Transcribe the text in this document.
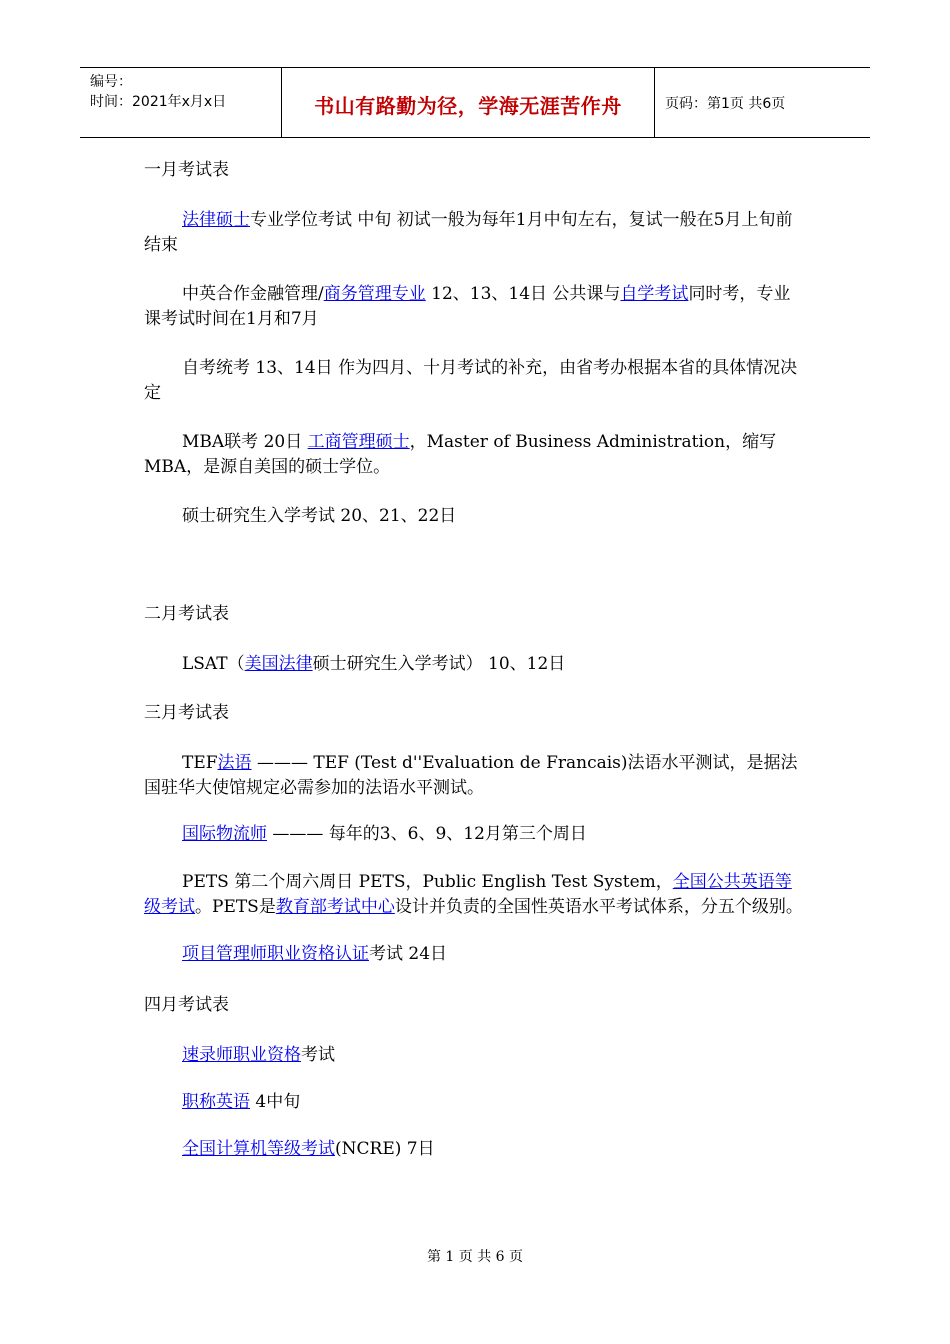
编号：
时间：2021年x月x日	书山有路勤为径，学海无涯苦作舟	页码：第1页 共6页

一月考试表

法律硕士专业学位考试 中旬 初试一般为每年1月中旬左右，复试一般在5月上旬前结束

中英合作金融管理/商务管理专业 12、13、14日 公共课与自学考试同时考，专业课考试时间在1月和7月

自考统考 13、14日 作为四月、十月考试的补充，由省考办根据本省的具体情况决定

MBA联考 20日 工商管理硕士，Master of Business Administration，缩写MBA，是源自美国的硕士学位。

硕士研究生入学考试 20、21、22日

二月考试表

LSAT（美国法律硕士研究生入学考试） 10、12日

三月考试表

TEF法语 ——— TEF (Test d''Evaluation de Francais)法语水平测试，是据法国驻华大使馆规定必需参加的法语水平测试。

国际物流师 ——— 每年的3、6、9、12月第三个周日

PETS 第二个周六周日 PETS，Public English Test System，全国公共英语等级考试。PETS是教育部考试中心设计并负责的全国性英语水平考试体系，分五个级别。

项目管理师职业资格认证考试 24日

四月考试表

速录师职业资格考试

职称英语 4中旬

全国计算机等级考试(NCRE) 7日

第 1 页 共 6 页
